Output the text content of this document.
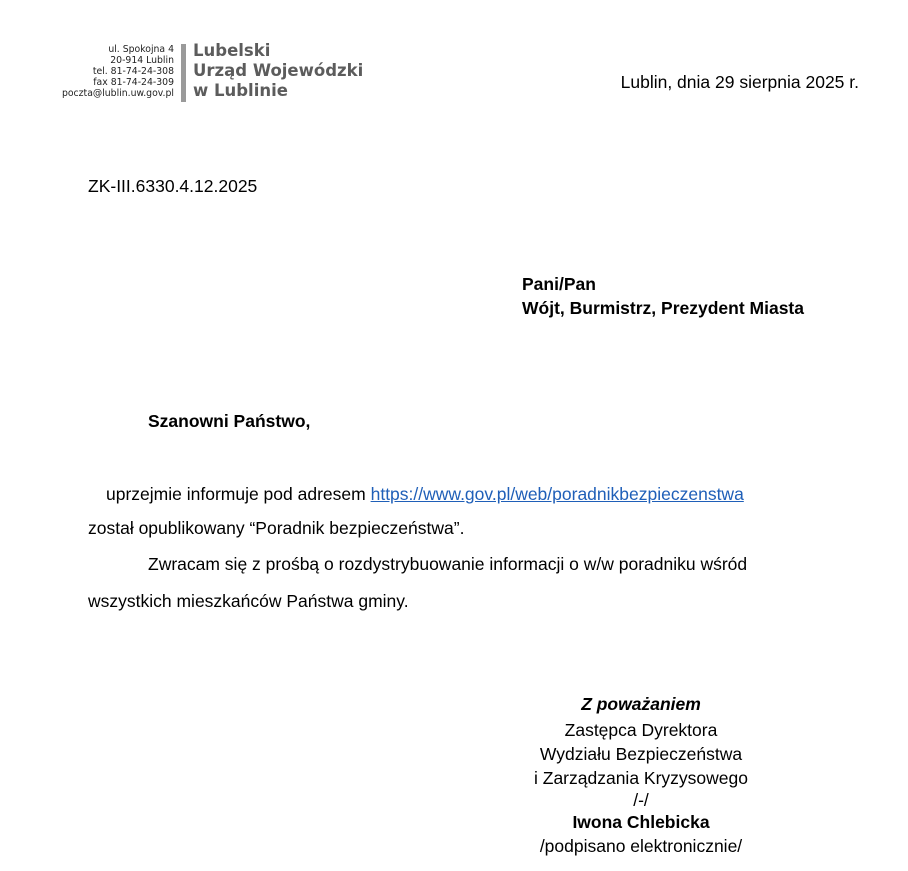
ul. Spokojna 4
20-914 Lublin
tel. 81-74-24-308
fax 81-74-24-309
poczta@lublin.uw.gov.pl
Lubelski
Urząd Wojewódzki
w Lublinie	Lublin, dnia 29 sierpnia 2025 r.
ZK-III.6330.4.12.2025
Pani/Pan
Wójt, Burmistrz, Prezydent Miasta
Szanowni Państwo,
uprzejmie informuje pod adresem https://www.gov.pl/web/poradnikbezpieczenstwa
został opublikowany “Poradnik bezpieczeństwa”.
Zwracam się z prośbą o rozdystrybuowanie informacji o w/w poradniku wśród
wszystkich mieszkańców Państwa gminy.
Z poważaniem
Zastępca Dyrektora
Wydziału Bezpieczeństwa
i Zarządzania Kryzysowego
/-/
Iwona Chlebicka
/podpisano elektronicznie/
